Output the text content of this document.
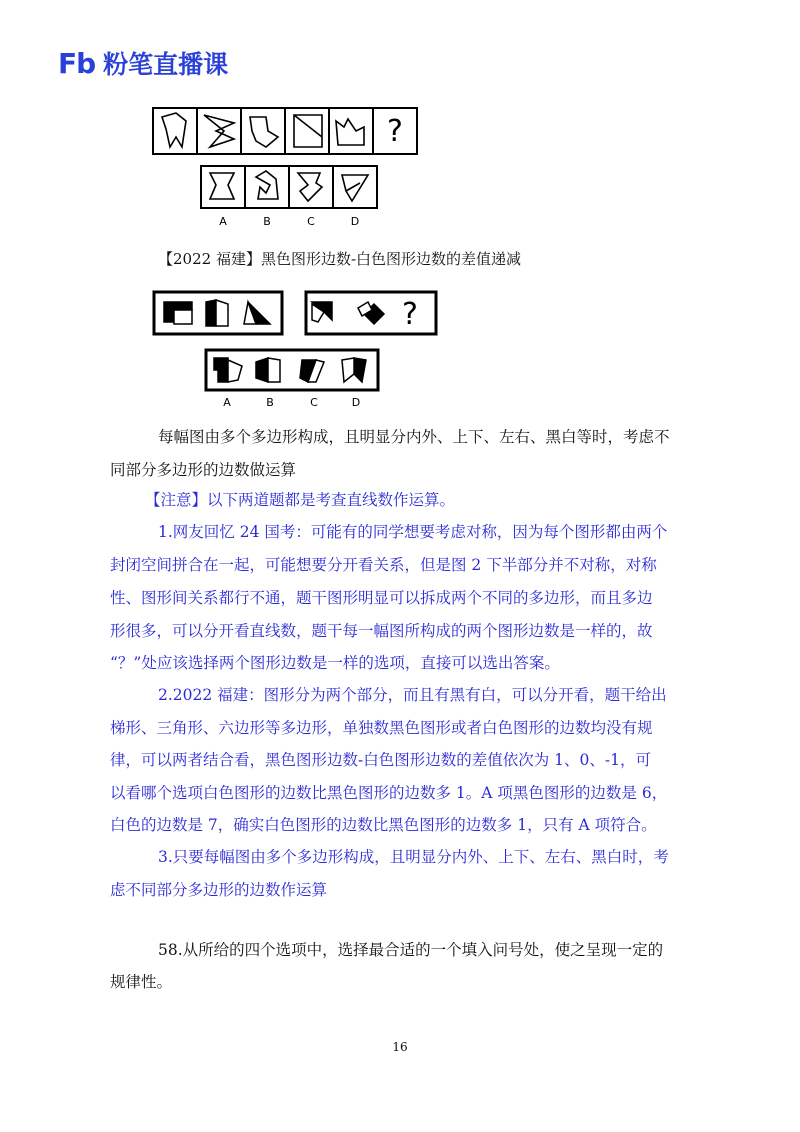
Fb 粉笔直播课
?
A	B	C	D
【2022 福建】黑色图形边数-白色图形边数的差值递减
?
A	B	C	D
每幅图由多个多边形构成，且明显分内外、上下、左右、黑白等时，考虑不
同部分多边形的边数做运算
【注意】以下两道题都是考查直线数作运算。
1.网友回忆 24 国考：可能有的同学想要考虑对称，因为每个图形都由两个
封闭空间拼合在一起，可能想要分开看关系，但是图 2 下半部分并不对称，对称
性、图形间关系都行不通，题干图形明显可以拆成两个不同的多边形，而且多边
形很多，可以分开看直线数，题干每一幅图所构成的两个图形边数是一样的，故
“？”处应该选择两个图形边数是一样的选项，直接可以选出答案。
2.2022 福建：图形分为两个部分，而且有黑有白，可以分开看，题干给出
梯形、三角形、六边形等多边形，单独数黑色图形或者白色图形的边数均没有规
律，可以两者结合看，黑色图形边数-白色图形边数的差值依次为 1、0、-1，可
以看哪个选项白色图形的边数比黑色图形的边数多 1。A 项黑色图形的边数是 6，
白色的边数是 7，确实白色图形的边数比黑色图形的边数多 1，只有 A 项符合。
3.只要每幅图由多个多边形构成，且明显分内外、上下、左右、黑白时，考
虑不同部分多边形的边数作运算
58.从所给的四个选项中，选择最合适的一个填入问号处，使之呈现一定的
规律性。
16
